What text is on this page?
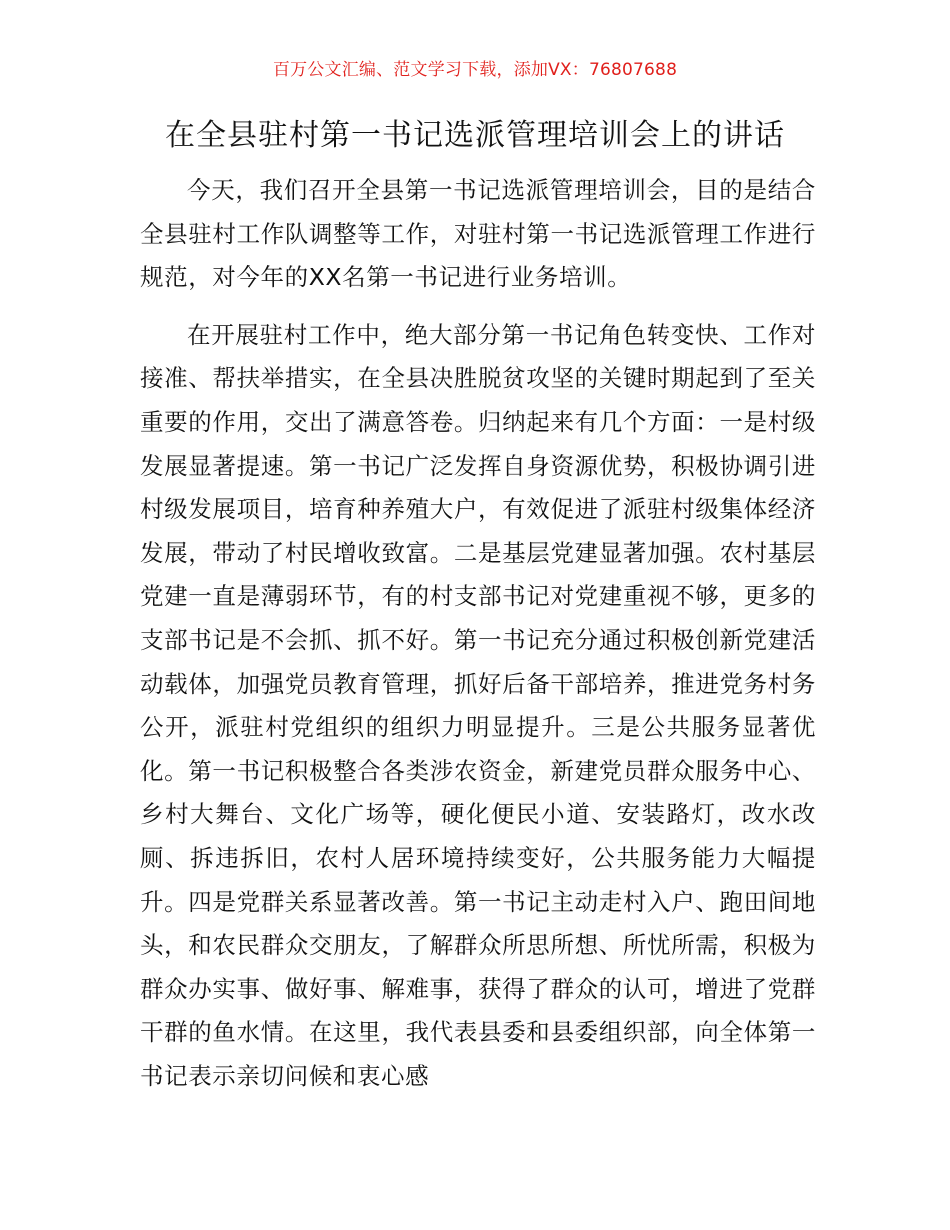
百万公文汇编、范文学习下载，添加VX：76807688
在全县驻村第一书记选派管理培训会上的讲话

今天，我们召开全县第一书记选派管理培训会，目的是结合全县驻村工作队调整等工作，对驻村第一书记选派管理工作进行规范，对今年的XX名第一书记进行业务培训。

在开展驻村工作中，绝大部分第一书记角色转变快、工作对接准、帮扶举措实，在全县决胜脱贫攻坚的关键时期起到了至关重要的作用，交出了满意答卷。归纳起来有几个方面：一是村级发展显著提速。第一书记广泛发挥自身资源优势，积极协调引进村级发展项目，培育种养殖大户，有效促进了派驻村级集体经济发展，带动了村民增收致富。二是基层党建显著加强。农村基层党建一直是薄弱环节，有的村支部书记对党建重视不够，更多的支部书记是不会抓、抓不好。第一书记充分通过积极创新党建活动载体，加强党员教育管理，抓好后备干部培养，推进党务村务公开，派驻村党组织的组织力明显提升。三是公共服务显著优化。第一书记积极整合各类涉农资金，新建党员群众服务中心、乡村大舞台、文化广场等，硬化便民小道、安装路灯，改水改厕、拆违拆旧，农村人居环境持续变好，公共服务能力大幅提升。四是党群关系显著改善。第一书记主动走村入户、跑田间地头，和农民群众交朋友，了解群众所思所想、所忧所需，积极为群众办实事、做好事、解难事，获得了群众的认可，增进了党群干群的鱼水情。在这里，我代表县委和县委组织部，向全体第一书记表示亲切问候和衷心感
